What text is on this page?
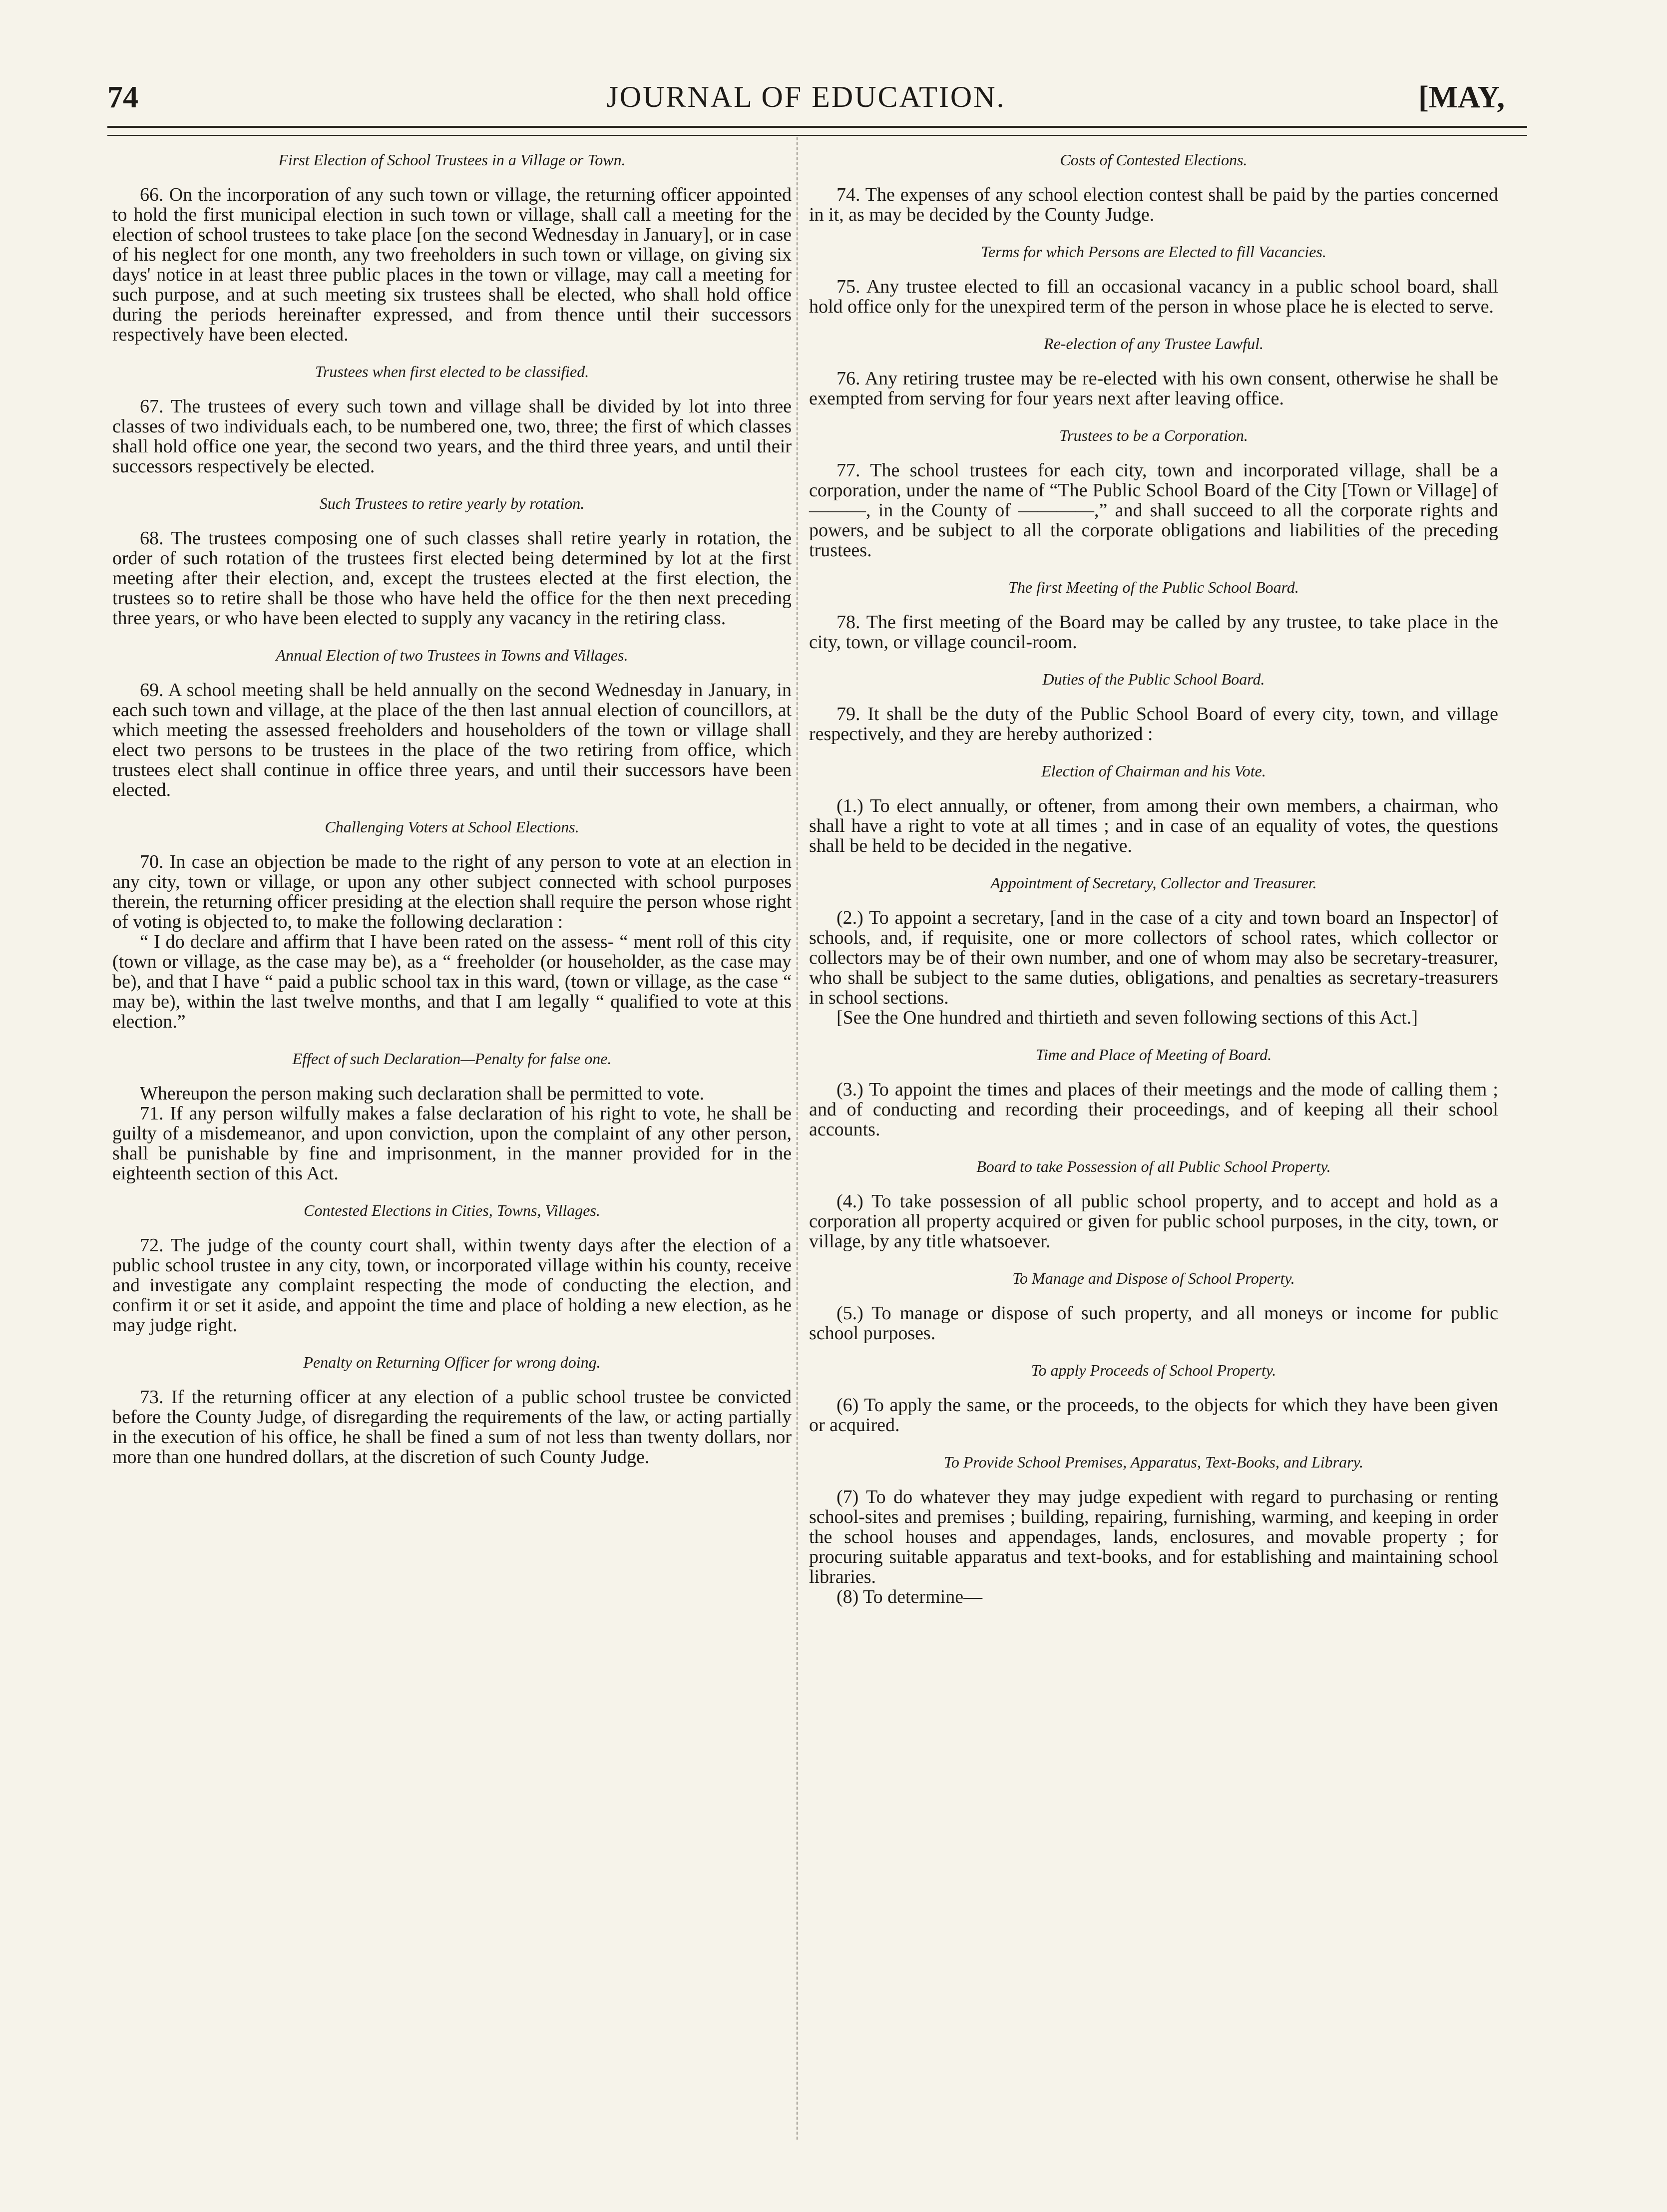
74	JOURNAL OF EDUCATION.	[MAY,
First Election of School Trustees in a Village or Town.

66. On the incorporation of any such town or village, the returning officer appointed to hold the first municipal election in such town or village, shall call a meeting for the election of school trustees to take place [on the second Wednesday in January], or in case of his neglect for one month, any two freeholders in such town or village, on giving six days' notice in at least three public places in the town or village, may call a meeting for such purpose, and at such meeting six trustees shall be elected, who shall hold office during the periods hereinafter expressed, and from thence until their successors respectively have been elected.

Trustees when first elected to be classified.

67. The trustees of every such town and village shall be divided by lot into three classes of two individuals each, to be numbered one, two, three; the first of which classes shall hold office one year, the second two years, and the third three years, and until their successors respectively be elected.

Such Trustees to retire yearly by rotation.

68. The trustees composing one of such classes shall retire yearly in rotation, the order of such rotation of the trustees first elected being determined by lot at the first meeting after their election, and, except the trustees elected at the first election, the trustees so to retire shall be those who have held the office for the then next preceding three years, or who have been elected to supply any vacancy in the retiring class.

Annual Election of two Trustees in Towns and Villages.

69. A school meeting shall be held annually on the second Wednesday in January, in each such town and village, at the place of the then last annual election of councillors, at which meeting the assessed freeholders and householders of the town or village shall elect two persons to be trustees in the place of the two retiring from office, which trustees elect shall continue in office three years, and until their successors have been elected.

Challenging Voters at School Elections.

70. In case an objection be made to the right of any person to vote at an election in any city, town or village, or upon any other subject connected with school purposes therein, the returning officer presiding at the election shall require the person whose right of voting is objected to, to make the following declaration :

“ I do declare and affirm that I have been rated on the assess- “ ment roll of this city (town or village, as the case may be), as a “ freeholder (or householder, as the case may be), and that I have “ paid a public school tax in this ward, (town or village, as the case “ may be), within the last twelve months, and that I am legally “ qualified to vote at this election.”

Effect of such Declaration—Penalty for false one.

Whereupon the person making such declaration shall be permitted to vote.

71. If any person wilfully makes a false declaration of his right to vote, he shall be guilty of a misdemeanor, and upon conviction, upon the complaint of any other person, shall be punishable by fine and imprisonment, in the manner provided for in the eighteenth section of this Act.

Contested Elections in Cities, Towns, Villages.

72. The judge of the county court shall, within twenty days after the election of a public school trustee in any city, town, or incorporated village within his county, receive and investigate any complaint respecting the mode of conducting the election, and confirm it or set it aside, and appoint the time and place of holding a new election, as he may judge right.

Penalty on Returning Officer for wrong doing.

73. If the returning officer at any election of a public school trustee be convicted before the County Judge, of disregarding the requirements of the law, or acting partially in the execution of his office, he shall be fined a sum of not less than twenty dollars, nor more than one hundred dollars, at the discretion of such County Judge.

Costs of Contested Elections.

74. The expenses of any school election contest shall be paid by the parties concerned in it, as may be decided by the County Judge.

Terms for which Persons are Elected to fill Vacancies.

75. Any trustee elected to fill an occasional vacancy in a public school board, shall hold office only for the unexpired term of the person in whose place he is elected to serve.

Re-election of any Trustee Lawful.

76. Any retiring trustee may be re-elected with his own consent, otherwise he shall be exempted from serving for four years next after leaving office.

Trustees to be a Corporation.

77. The school trustees for each city, town and incorporated village, shall be a corporation, under the name of “The Public School Board of the City [Town or Village] of———, in the County of ————,” and shall succeed to all the corporate rights and powers, and be subject to all the corporate obligations and liabilities of the preceding trustees.

The first Meeting of the Public School Board.

78. The first meeting of the Board may be called by any trustee, to take place in the city, town, or village council-room.

Duties of the Public School Board.

79. It shall be the duty of the Public School Board of every city, town, and village respectively, and they are hereby authorized :

Election of Chairman and his Vote.

(1.) To elect annually, or oftener, from among their own members, a chairman, who shall have a right to vote at all times ; and in case of an equality of votes, the questions shall be held to be decided in the negative.

Appointment of Secretary, Collector and Treasurer.

(2.) To appoint a secretary, [and in the case of a city and town board an Inspector] of schools, and, if requisite, one or more collectors of school rates, which collector or collectors may be of their own number, and one of whom may also be secretary-treasurer, who shall be subject to the same duties, obligations, and penalties as secretary-treasurers in school sections.

[See the One hundred and thirtieth and seven following sections of this Act.]

Time and Place of Meeting of Board.

(3.) To appoint the times and places of their meetings and the mode of calling them ; and of conducting and recording their proceedings, and of keeping all their school accounts.

Board to take Possession of all Public School Property.

(4.) To take possession of all public school property, and to accept and hold as a corporation all property acquired or given for public school purposes, in the city, town, or village, by any title whatsoever.

To Manage and Dispose of School Property.

(5.) To manage or dispose of such property, and all moneys or income for public school purposes.

To apply Proceeds of School Property.

(6) To apply the same, or the proceeds, to the objects for which they have been given or acquired.

To Provide School Premises, Apparatus, Text-Books, and Library.

(7) To do whatever they may judge expedient with regard to purchasing or renting school-sites and premises ; building, repairing, furnishing, warming, and keeping in order the school houses and appendages, lands, enclosures, and movable property ; for procuring suitable apparatus and text-books, and for establishing and maintaining school libraries.

(8) To determine—
